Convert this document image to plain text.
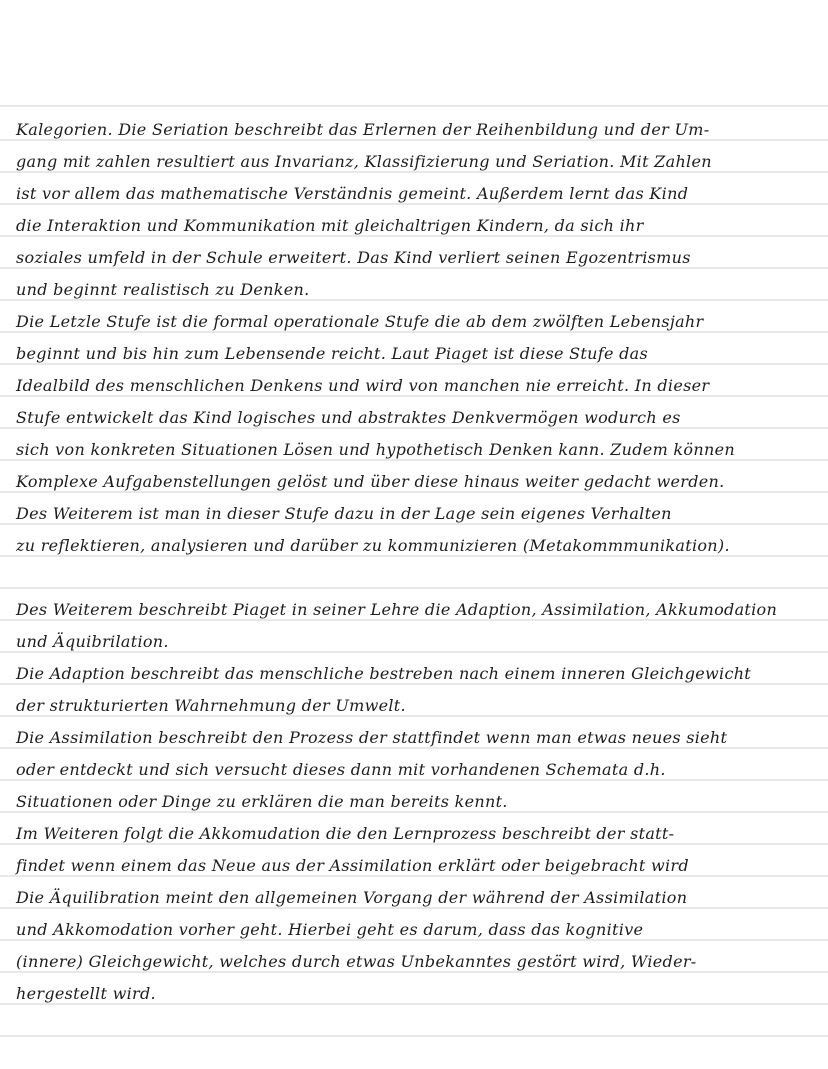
Kalegorien. Die Seriation beschreibt das Erlernen der Reihenbildung und der Um-
gang mit zahlen resultiert aus Invarianz, Klassifizierung und Seriation. Mit Zahlen
ist vor allem das mathematische Verständnis gemeint. Außerdem lernt das Kind
die Interaktion und Kommunikation mit gleichaltrigen Kindern, da sich ihr
soziales umfeld in der Schule erweitert. Das Kind verliert seinen Egozentrismus
und beginnt realistisch zu Denken.
Die Letzle Stufe ist die formal operationale Stufe die ab dem zwölften Lebensjahr
beginnt und bis hin zum Lebensende reicht. Laut Piaget ist diese Stufe das
Idealbild des menschlichen Denkens und wird von manchen nie erreicht. In dieser
Stufe entwickelt das Kind logisches und abstraktes Denkvermögen wodurch es
sich von konkreten Situationen Lösen und hypothetisch Denken kann. Zudem können
Komplexe Aufgabenstellungen gelöst und über diese hinaus weiter gedacht werden.
Des Weiterem ist man in dieser Stufe dazu in der Lage sein eigenes Verhalten
zu reflektieren, analysieren und darüber zu kommunizieren (Metakommmunikation).
Des Weiterem beschreibt Piaget in seiner Lehre die Adaption, Assimilation, Akkumodation
und Äquibrilation.
Die Adaption beschreibt das menschliche bestreben nach einem inneren Gleichgewicht
der strukturierten Wahrnehmung der Umwelt.
Die Assimilation beschreibt den Prozess der stattfindet wenn man etwas neues sieht
oder entdeckt und sich versucht dieses dann mit vorhandenen Schemata d.h.
Situationen oder Dinge zu erklären die man bereits kennt.
Im Weiteren folgt die Akkomudation die den Lernprozess beschreibt der statt-
findet wenn einem das Neue aus der Assimilation erklärt oder beigebracht wird
Die Äquilibration meint den allgemeinen Vorgang der während der Assimilation
und Akkomodation vorher geht. Hierbei geht es darum, dass das kognitive
(innere) Gleichgewicht, welches durch etwas Unbekanntes gestört wird, Wieder-
hergestellt wird.
